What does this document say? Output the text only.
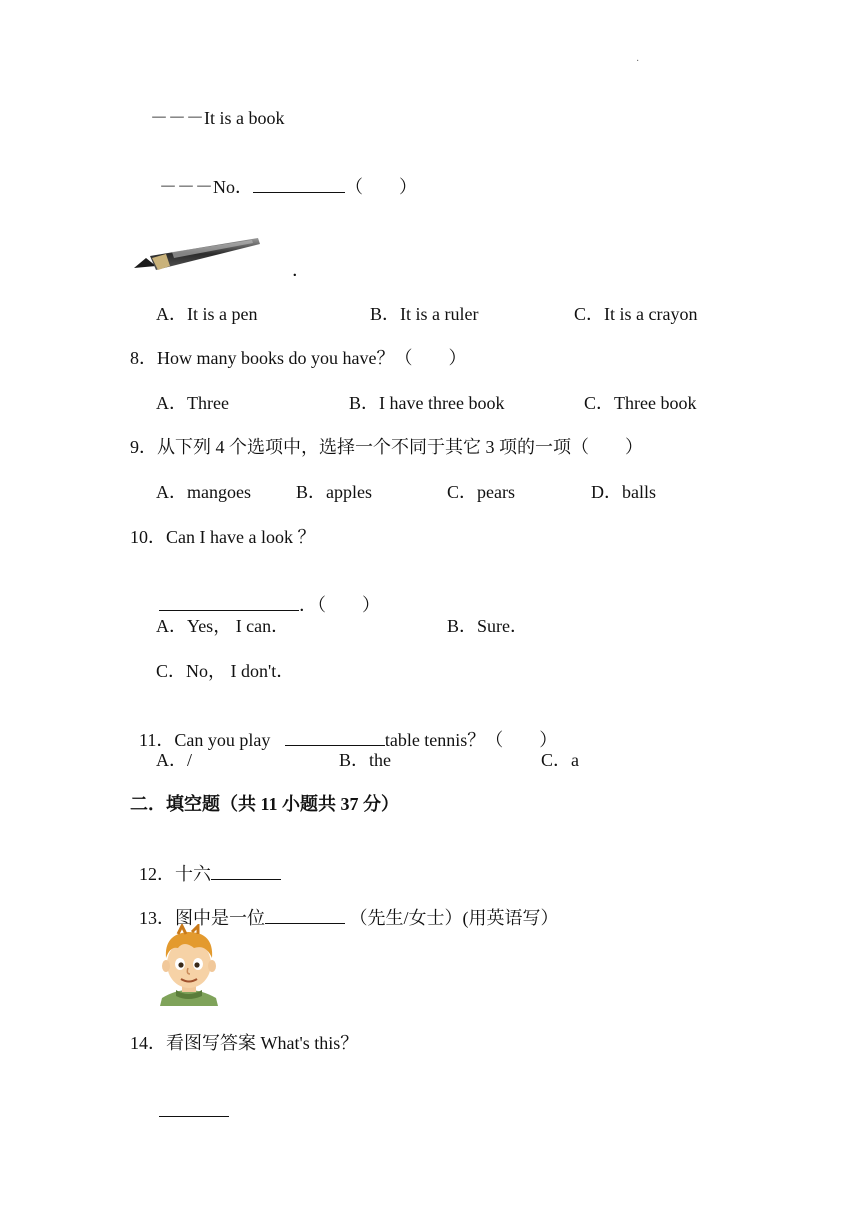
·
－－－It is a book

－－－No．	（　　）

．
A．It is a pen	B．It is a ruler	C．It is a crayon
8．How many books do you have？（　　）
A．Three	B．I have three book	C．Three book
9．从下列 4 个选项中，选择一个不同于其它 3 项的一项（　　）
A．mangoes	B．apples	C．pears	D．balls
10．Can I have a look ？

．（　　）

A．Yes， I can．	B．Sure．
C．No， I don't．

11．Can you play	table tennis？（　　）

A．/	B．the	C．a
二．填空题（共 11 小题共 37 分）

12．十六

13．图中是一位	（先生/女士）(用英语写）

14．看图写答案 What's this？
